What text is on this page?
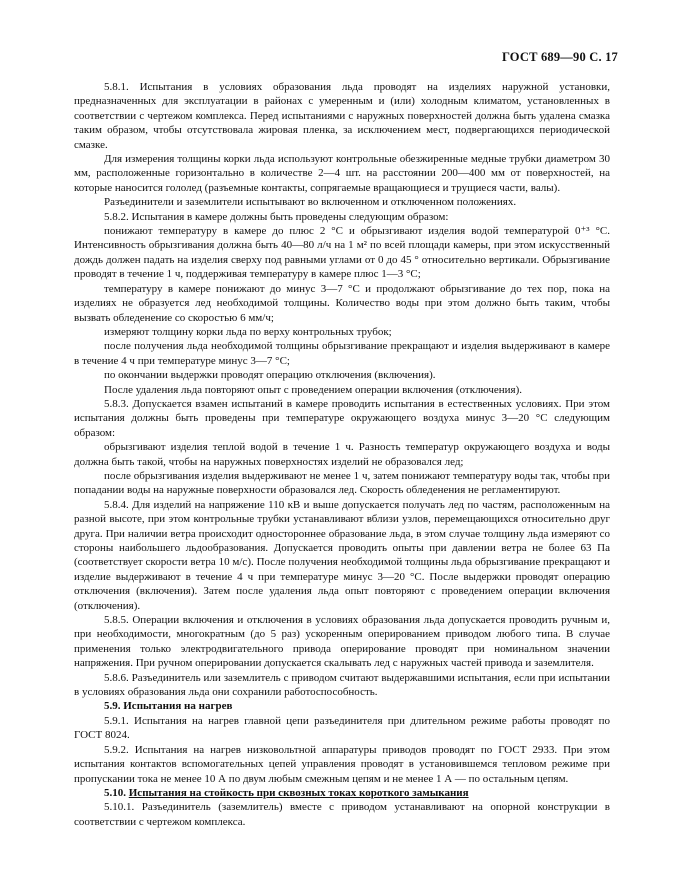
ГОСТ 689—90 С. 17

5.8.1. Испытания в условиях образования льда проводят на изделиях наружной установки, предназначенных для эксплуатации в районах с умеренным и (или) холодным климатом, установленных в соответствии с чертежом комплекса. Перед испытаниями с наружных поверхностей должна быть удалена смазка таким образом, чтобы отсутствовала жировая пленка, за исключением мест, подвергающихся периодической смазке.

Для измерения толщины корки льда используют контрольные обезжиренные медные трубки диаметром 30 мм, расположенные горизонтально в количестве 2—4 шт. на расстоянии 200—400 мм от поверхностей, на которые наносится гололед (разъемные контакты, сопрягаемые вращающиеся и трущиеся части, валы).

Разъединители и заземлители испытывают во включенном и отключенном положениях.

5.8.2. Испытания в камере должны быть проведены следующим образом:

понижают температуру в камере до плюс 2 °С и обрызгивают изделия водой температурой 0⁺³ °С. Интенсивность обрызгивания должна быть 40—80 л/ч на 1 м² по всей площади камеры, при этом искусственный дождь должен падать на изделия сверху под равными углами от 0 до 45 ° относительно вертикали. Обрызгивание проводят в течение 1 ч, поддерживая температуру в камере плюс 1—3 °С;

температуру в камере понижают до минус 3—7 °С и продолжают обрызгивание до тех пор, пока на изделиях не образуется лед необходимой толщины. Количество воды при этом должно быть таким, чтобы вызвать обледенение со скоростью 6 мм/ч;

измеряют толщину корки льда по верху контрольных трубок;

после получения льда необходимой толщины обрызгивание прекращают и изделия выдерживают в камере в течение 4 ч при температуре минус 3—7 °С;

по окончании выдержки проводят операцию отключения (включения).

После удаления льда повторяют опыт с проведением операции включения (отключения).

5.8.3. Допускается взамен испытаний в камере проводить испытания в естественных условиях. При этом испытания должны быть проведены при температуре окружающего воздуха минус 3—20 °С следующим образом:

обрызгивают изделия теплой водой в течение 1 ч. Разность температур окружающего воздуха и воды должна быть такой, чтобы на наружных поверхностях изделий не образовался лед;

после обрызгивания изделия выдерживают не менее 1 ч, затем понижают температуру воды так, чтобы при попадании воды на наружные поверхности образовался лед. Скорость обледенения не регламентируют.

5.8.4. Для изделий на напряжение 110 кВ и выше допускается получать лед по частям, расположенным на разной высоте, при этом контрольные трубки устанавливают вблизи узлов, перемещающихся относительно друг друга. При наличии ветра происходит одностороннее образование льда, в этом случае толщину льда измеряют со стороны наибольшего льдообразования. Допускается проводить опыты при давлении ветра не более 63 Па (соответствует скорости ветра 10 м/с). После получения необходимой толщины льда обрызгивание прекращают и изделие выдерживают в течение 4 ч при температуре минус 3—20 °С. После выдержки проводят операцию отключения (включения). Затем после удаления льда опыт повторяют с проведением операции включения (отключения).

5.8.5. Операции включения и отключения в условиях образования льда допускается проводить ручным и, при необходимости, многократным (до 5 раз) ускоренным оперированием приводом любого типа. В случае применения только электродвигательного привода оперирование проводят при номинальном значении напряжения. При ручном оперировании допускается скалывать лед с наружных частей привода и заземлителя.

5.8.6. Разъединитель или заземлитель с приводом считают выдержавшими испытания, если при испытании в условиях образования льда они сохранили работоспособность.

5.9. Испытания на нагрев

5.9.1. Испытания на нагрев главной цепи разъединителя при длительном режиме работы проводят по ГОСТ 8024.

5.9.2. Испытания на нагрев низковольтной аппаратуры приводов проводят по ГОСТ 2933. При этом испытания контактов вспомогательных цепей управления проводят в установившемся тепловом режиме при пропускании тока не менее 10 А по двум любым смежным цепям и не менее 1 А — по остальным цепям.

5.10. Испытания на стойкость при сквозных токах короткого замыкания

5.10.1. Разъединитель (заземлитель) вместе с приводом устанавливают на опорной конструкции в соответствии с чертежом комплекса.
